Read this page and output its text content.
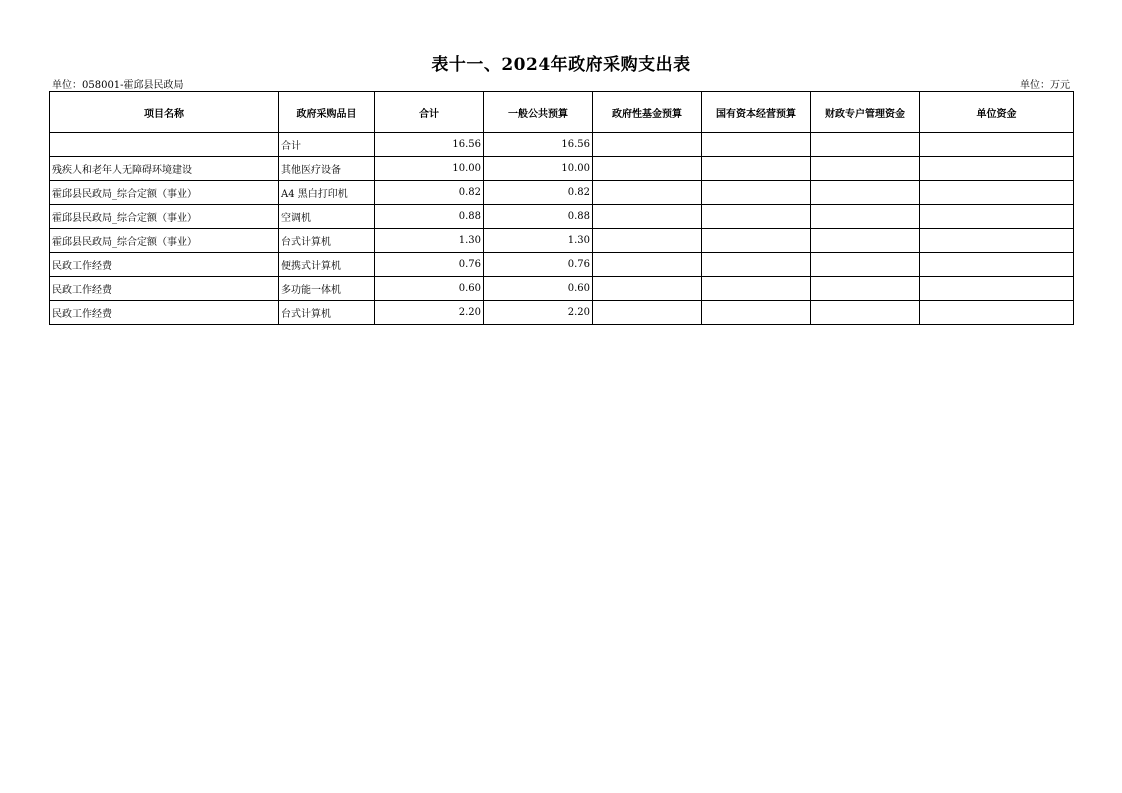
表十一、2024年政府采购支出表
单位：058001-霍邱县民政局	单位：万元
项目名称	政府采购品目	合计	一般公共预算	政府性基金预算	国有资本经营预算	财政专户管理资金	单位资金
	合计	16.56	16.56				
残疾人和老年人无障碍环境建设	其他医疗设备	10.00	10.00				
霍邱县民政局_综合定额（事业）	A4 黑白打印机	0.82	0.82				
霍邱县民政局_综合定额（事业）	空调机	0.88	0.88				
霍邱县民政局_综合定额（事业）	台式计算机	1.30	1.30				
民政工作经费	便携式计算机	0.76	0.76				
民政工作经费	多功能一体机	0.60	0.60				
民政工作经费	台式计算机	2.20	2.20				
